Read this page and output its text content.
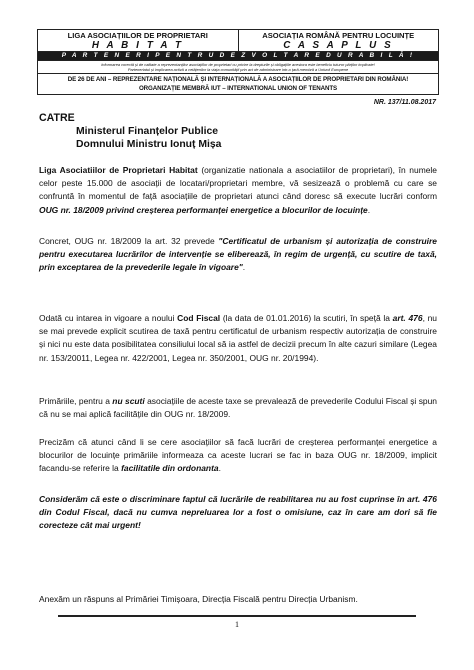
LIGA ASOCIAȚIILOR DE PROPRIETARI
H A B I T A T
ASOCIAȚIA ROMÂNĂ PENTRU LOCUINȚE
C A S A P L U S
P A R T E N E R I P E N T R U D E Z V O L T A R E D U R A B I L Ă !
Informarea corectă și de calitate a reprezentanților asociațiilor de proprietari cu privire la drepturile și obligațiile acestora este beneficiu tuturor părților implicate!
Parteneriatul și implicarea activă a cetățenilor la viața comunității prin act de administrare intr-o țară membră a Uniunii Europene
DE 26 DE ANI – REPREZENTARE NAȚIONALĂ ȘI INTERNAȚIONALĂ A ASOCIAȚIILOR DE PROPRIETARI DIN ROMÂNIA!
ORGANIZAȚIE MEMBRĂ IUT – INTERNATIONAL UNION OF TENANTS
NR. 137/11.08.2017
CATRE
Ministerul Finanțelor Publice
Domnului Ministru Ionuț Mișa
Liga Asociatiilor de Proprietari Habitat (organizatie nationala a asociatiilor de proprietari), în numele celor peste 15.000 de asociații de locatari/proprietari membre, vă sesizează o problemă cu care se confruntă în momentul de față asociațiile de proprietari atunci când doresc să execute lucrări conform OUG nr. 18/2009 privind creșterea performanței energetice a blocurilor de locuințe.
Concret, OUG nr. 18/2009 la art. 32 prevede "Certificatul de urbanism și autorizația de construire pentru executarea lucrărilor de intervenție se eliberează, în regim de urgență, cu scutire de taxă, prin exceptarea de la prevederile legale în vigoare".
Odată cu intarea in vigoare a noului Cod Fiscal (la data de 01.01.2016) la scutiri, în speță la art. 476, nu se mai prevede explicit scutirea de taxă pentru certificatul de urbanism respectiv autorizația de construire și nici nu este data posibilitatea consiliului local să ia astfel de decizii precum în alte cazuri similare (Legea nr. 153/20011, Legea nr. 422/2001, Legea nr. 350/2001, OUG nr. 20/1994).
Primăriile, pentru a nu scuti asociațiile de aceste taxe se prevalează de prevederile Codului Fiscal și spun că nu se mai aplică facilitățile din OUG nr. 18/2009.
Precizăm că atunci când li se cere asociațiilor să facă lucrări de creșterea performanței energetice a blocurilor de locuințe primăriile informeaza ca aceste lucrari se fac in baza OUG nr. 18/2009, implicit facandu-se referire la facilitatile din ordonanta.
Considerăm că este o discriminare faptul că lucrările de reabilitarea nu au fost cuprinse în art. 476 din Codul Fiscal, dacă nu cumva nepreluarea lor a fost o omisiune, caz în care am dori să fie corecteze cât mai urgent!
Anexăm un răspuns al Primăriei Timișoara, Direcția Fiscală pentru Direcția Urbanism.
1
